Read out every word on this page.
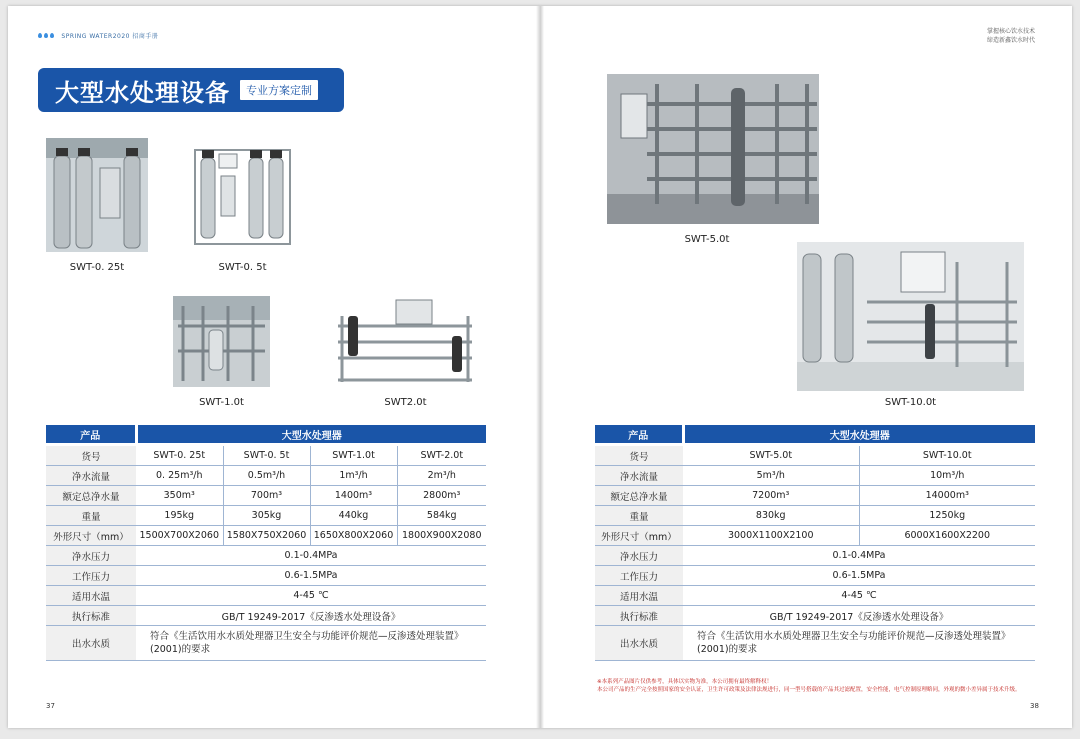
SPRING WATER2020 招商手册
掌握核心饮水技术
缔造新鑫饮水时代
大型水处理设备	专业方案定制
SWT-0. 25t	SWT-0. 5t
SWT-1.0t	SWT2.0t
SWT-5.0t
SWT-10.0t
产品	大型水处理器			
货号	SWT-0. 25t	SWT-0. 5t	SWT-1.0t	SWT-2.0t
净水流量	0. 25m³/h	0.5m³/h	1m³/h	2m³/h
额定总净水量	350m³	700m³	1400m³	2800m³
重量	195kg	305kg	440kg	584kg
外形尺寸（mm）	1500X700X2060	1580X750X2060	1650X800X2060	1800X900X2080
净水压力	0.1-0.4MPa			
工作压力	0.6-1.5MPa			
适用水温	4-45 ℃			
执行标准	GB/T 19249-2017《反渗透水处理设备》			
出水水质	符合《生活饮用水水质处理器卫生安全与功能评价规范—反渗透处理装置》(2001)的要求			
产品	大型水处理器	
货号	SWT-5.0t	SWT-10.0t
净水流量	5m³/h	10m³/h
额定总净水量	7200m³	14000m³
重量	830kg	1250kg
外形尺寸（mm）	3000X1100X2100	6000X1600X2200
净水压力	0.1-0.4MPa	
工作压力	0.6-1.5MPa	
适用水温	4-45 ℃	
执行标准	GB/T 19249-2017《反渗透水处理设备》	
出水水质	符合《生活饮用水水质处理器卫生安全与功能评价规范—反渗透处理装置》(2001)的要求	
※本系列产品图片仅供参考，具体以实物为准，本公司拥有最终解释权！
本公司产品的生产完全按照国家的安全认证，卫生许可政策及法律法规进行，同一型号搭载的产品其过滤配置，安全性能，电气控制原理略同，外观的微小差异属于技术升级。
37	38
